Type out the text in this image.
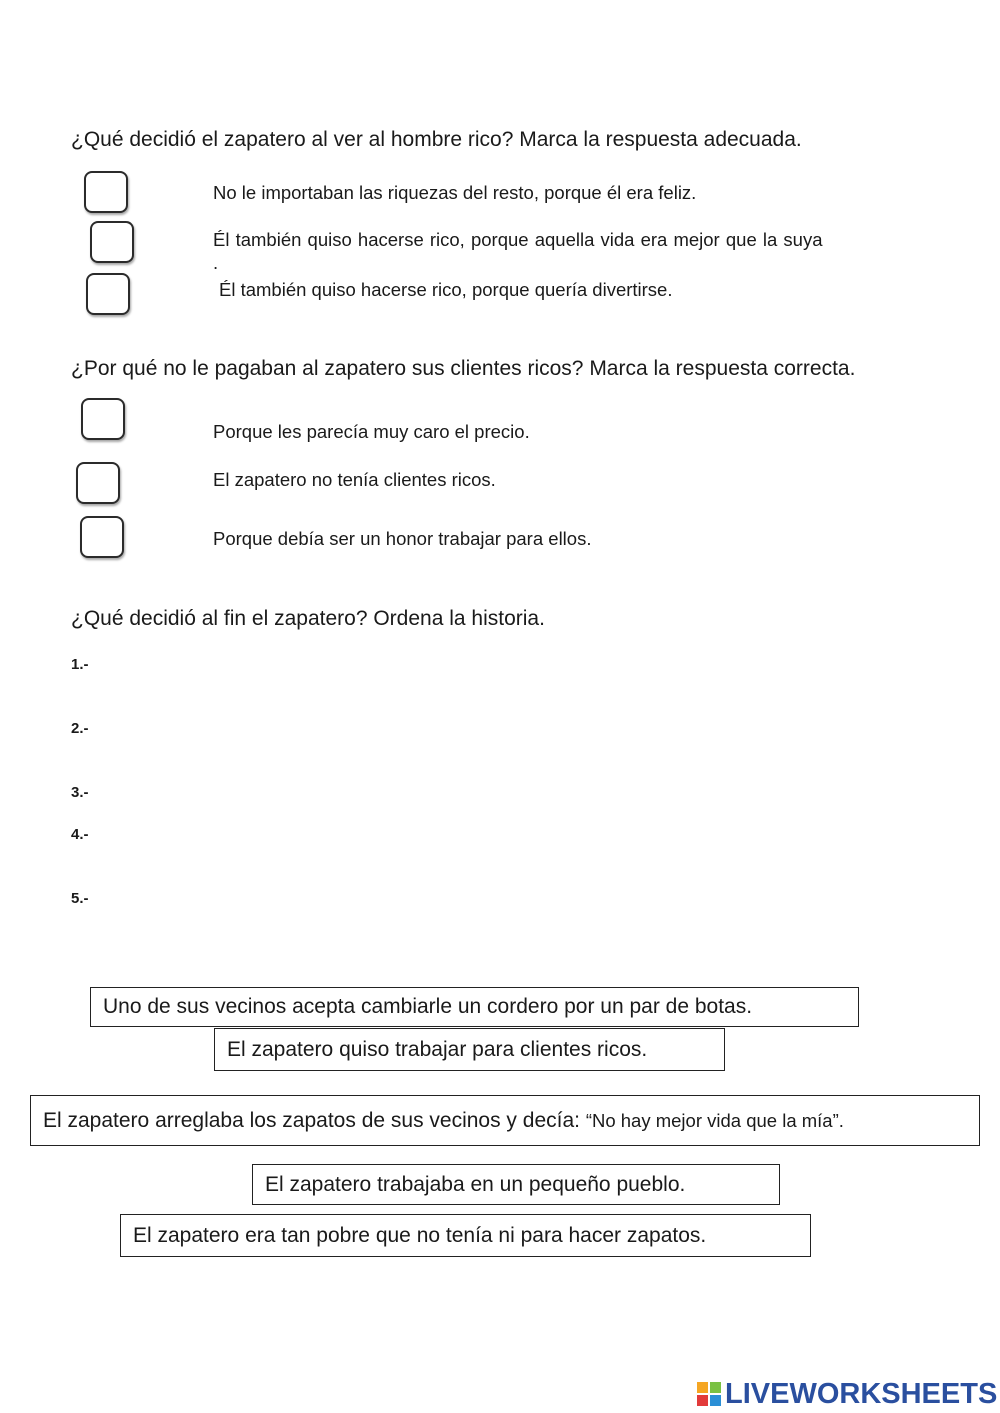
¿Qué decidió el zapatero al ver al hombre rico? Marca la respuesta adecuada.
No le importaban las riquezas del resto, porque él era feliz.
Él también quiso hacerse rico, porque aquella vida era mejor que la suya
.
Él también quiso hacerse rico, porque quería divertirse.
¿Por qué no le pagaban al zapatero sus clientes ricos? Marca la respuesta correcta.
Porque les parecía muy caro el precio.
El zapatero no tenía clientes ricos.
Porque debía ser un honor trabajar para ellos.
¿Qué decidió al fin el zapatero? Ordena la historia.
1.-
2.-
3.-
4.-
5.-
Uno de sus vecinos acepta cambiarle un cordero por un par de botas.
El zapatero quiso trabajar para clientes ricos.
El zapatero arreglaba los zapatos de sus vecinos y decía: “No hay mejor vida que la mía”.
El zapatero trabajaba en un pequeño pueblo.
El zapatero era tan pobre que no tenía ni para hacer zapatos.
LIVEWORKSHEETS
